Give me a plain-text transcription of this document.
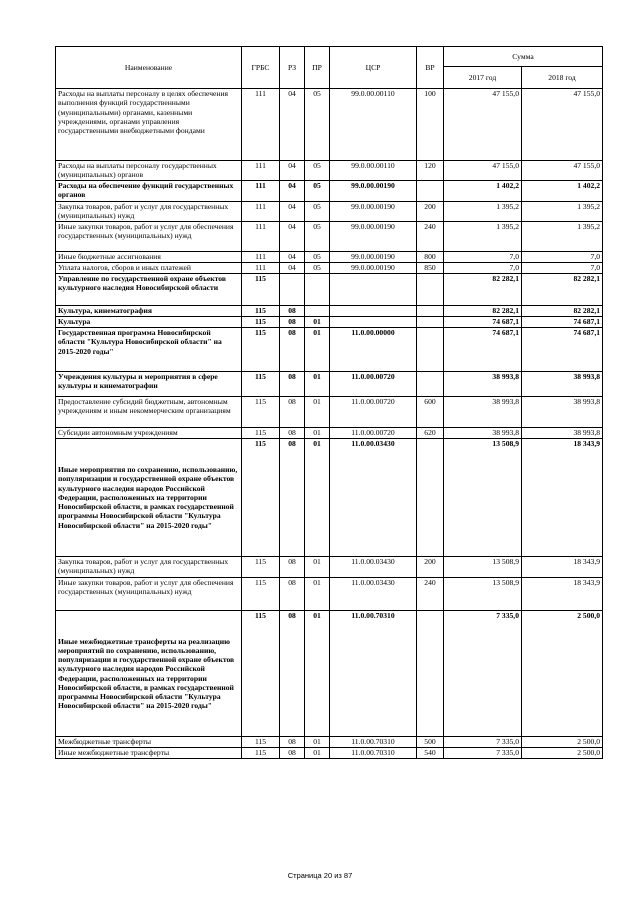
Наименование	ГРБС	РЗ	ПР	ЦСР	ВР	Сумма	
						2017 год	2018 год
Расходы на выплаты персоналу в целях обеспечения выполнения функций государственными (муниципальными) органами, казенными учреждениями, органами управления государственными внебюджетными фондами	111	04	05	99.0.00.00110	100	47 155,0	47 155,0
Расходы на выплаты персоналу государственных (муниципальных) органов	111	04	05	99.0.00.00110	120	47 155,0	47 155,0
Расходы на обеспечение функций государственных органов	111	04	05	99.0.00.00190		1 402,2	1 402,2
Закупка товаров, работ и услуг для государственных (муниципальных) нужд	111	04	05	99.0.00.00190	200	1 395,2	1 395,2
Иные закупки товаров, работ и услуг для обеспечения государственных (муниципальных) нужд	111	04	05	99.0.00.00190	240	1 395,2	1 395,2
Иные бюджетные ассигнования	111	04	05	99.0.00.00190	800	7,0	7,0
Уплата налогов, сборов и иных платежей	111	04	05	99.0.00.00190	850	7,0	7,0
Управление по государственной охране объектов культурного наследия Новосибирской области	115					82 282,1	82 282,1
Культура, кинематография	115	08				82 282,1	82 282,1
Культура	115	08	01			74 687,1	74 687,1
Государственная программа Новосибирской области "Культура Новосибирской области" на 2015-2020 годы"	115	08	01	11.0.00.00000		74 687,1	74 687,1
Учреждения культуры и мероприятия в сфере культуры и кинематографии	115	08	01	11.0.00.00720		38 993,8	38 993,8
Предоставление субсидий бюджетным, автономным учреждениям и иным некоммерческим организациям	115	08	01	11.0.00.00720	600	38 993,8	38 993,8
Субсидии автономным учреждениям	115	08	01	11.0.00.00720	620	38 993,8	38 993,8
Иные мероприятия по сохранению, использованию, популяризации и государственной охране объектов культурного наследия народов Российской Федерации, расположенных на территории Новосибирской области, в рамках государственной программы Новосибирской области "Культура Новосибирской области" на 2015-2020 годы"	115	08	01	11.0.00.03430		13 508,9	18 343,9
Закупка товаров, работ и услуг для государственных (муниципальных) нужд	115	08	01	11.0.00.03430	200	13 508,9	18 343,9
Иные закупки товаров, работ и услуг для обеспечения государственных (муниципальных) нужд	115	08	01	11.0.00.03430	240	13 508,9	18 343,9
Иные межбюджетные трансферты на реализацию мероприятий по сохранению, использованию, популяризации и государственной охране объектов культурного наследия народов Российской Федерации, расположенных на территории Новосибирской области, в рамках государственной программы Новосибирской области "Культура Новосибирской области" на 2015-2020 годы"	115	08	01	11.0.00.70310		7 335,0	2 500,0
Межбюджетные трансферты	115	08	01	11.0.00.70310	500	7 335,0	2 500,0
Иные межбюджетные трансферты	115	08	01	11.0.00.70310	540	7 335,0	2 500,0
Страница 20 из 87
